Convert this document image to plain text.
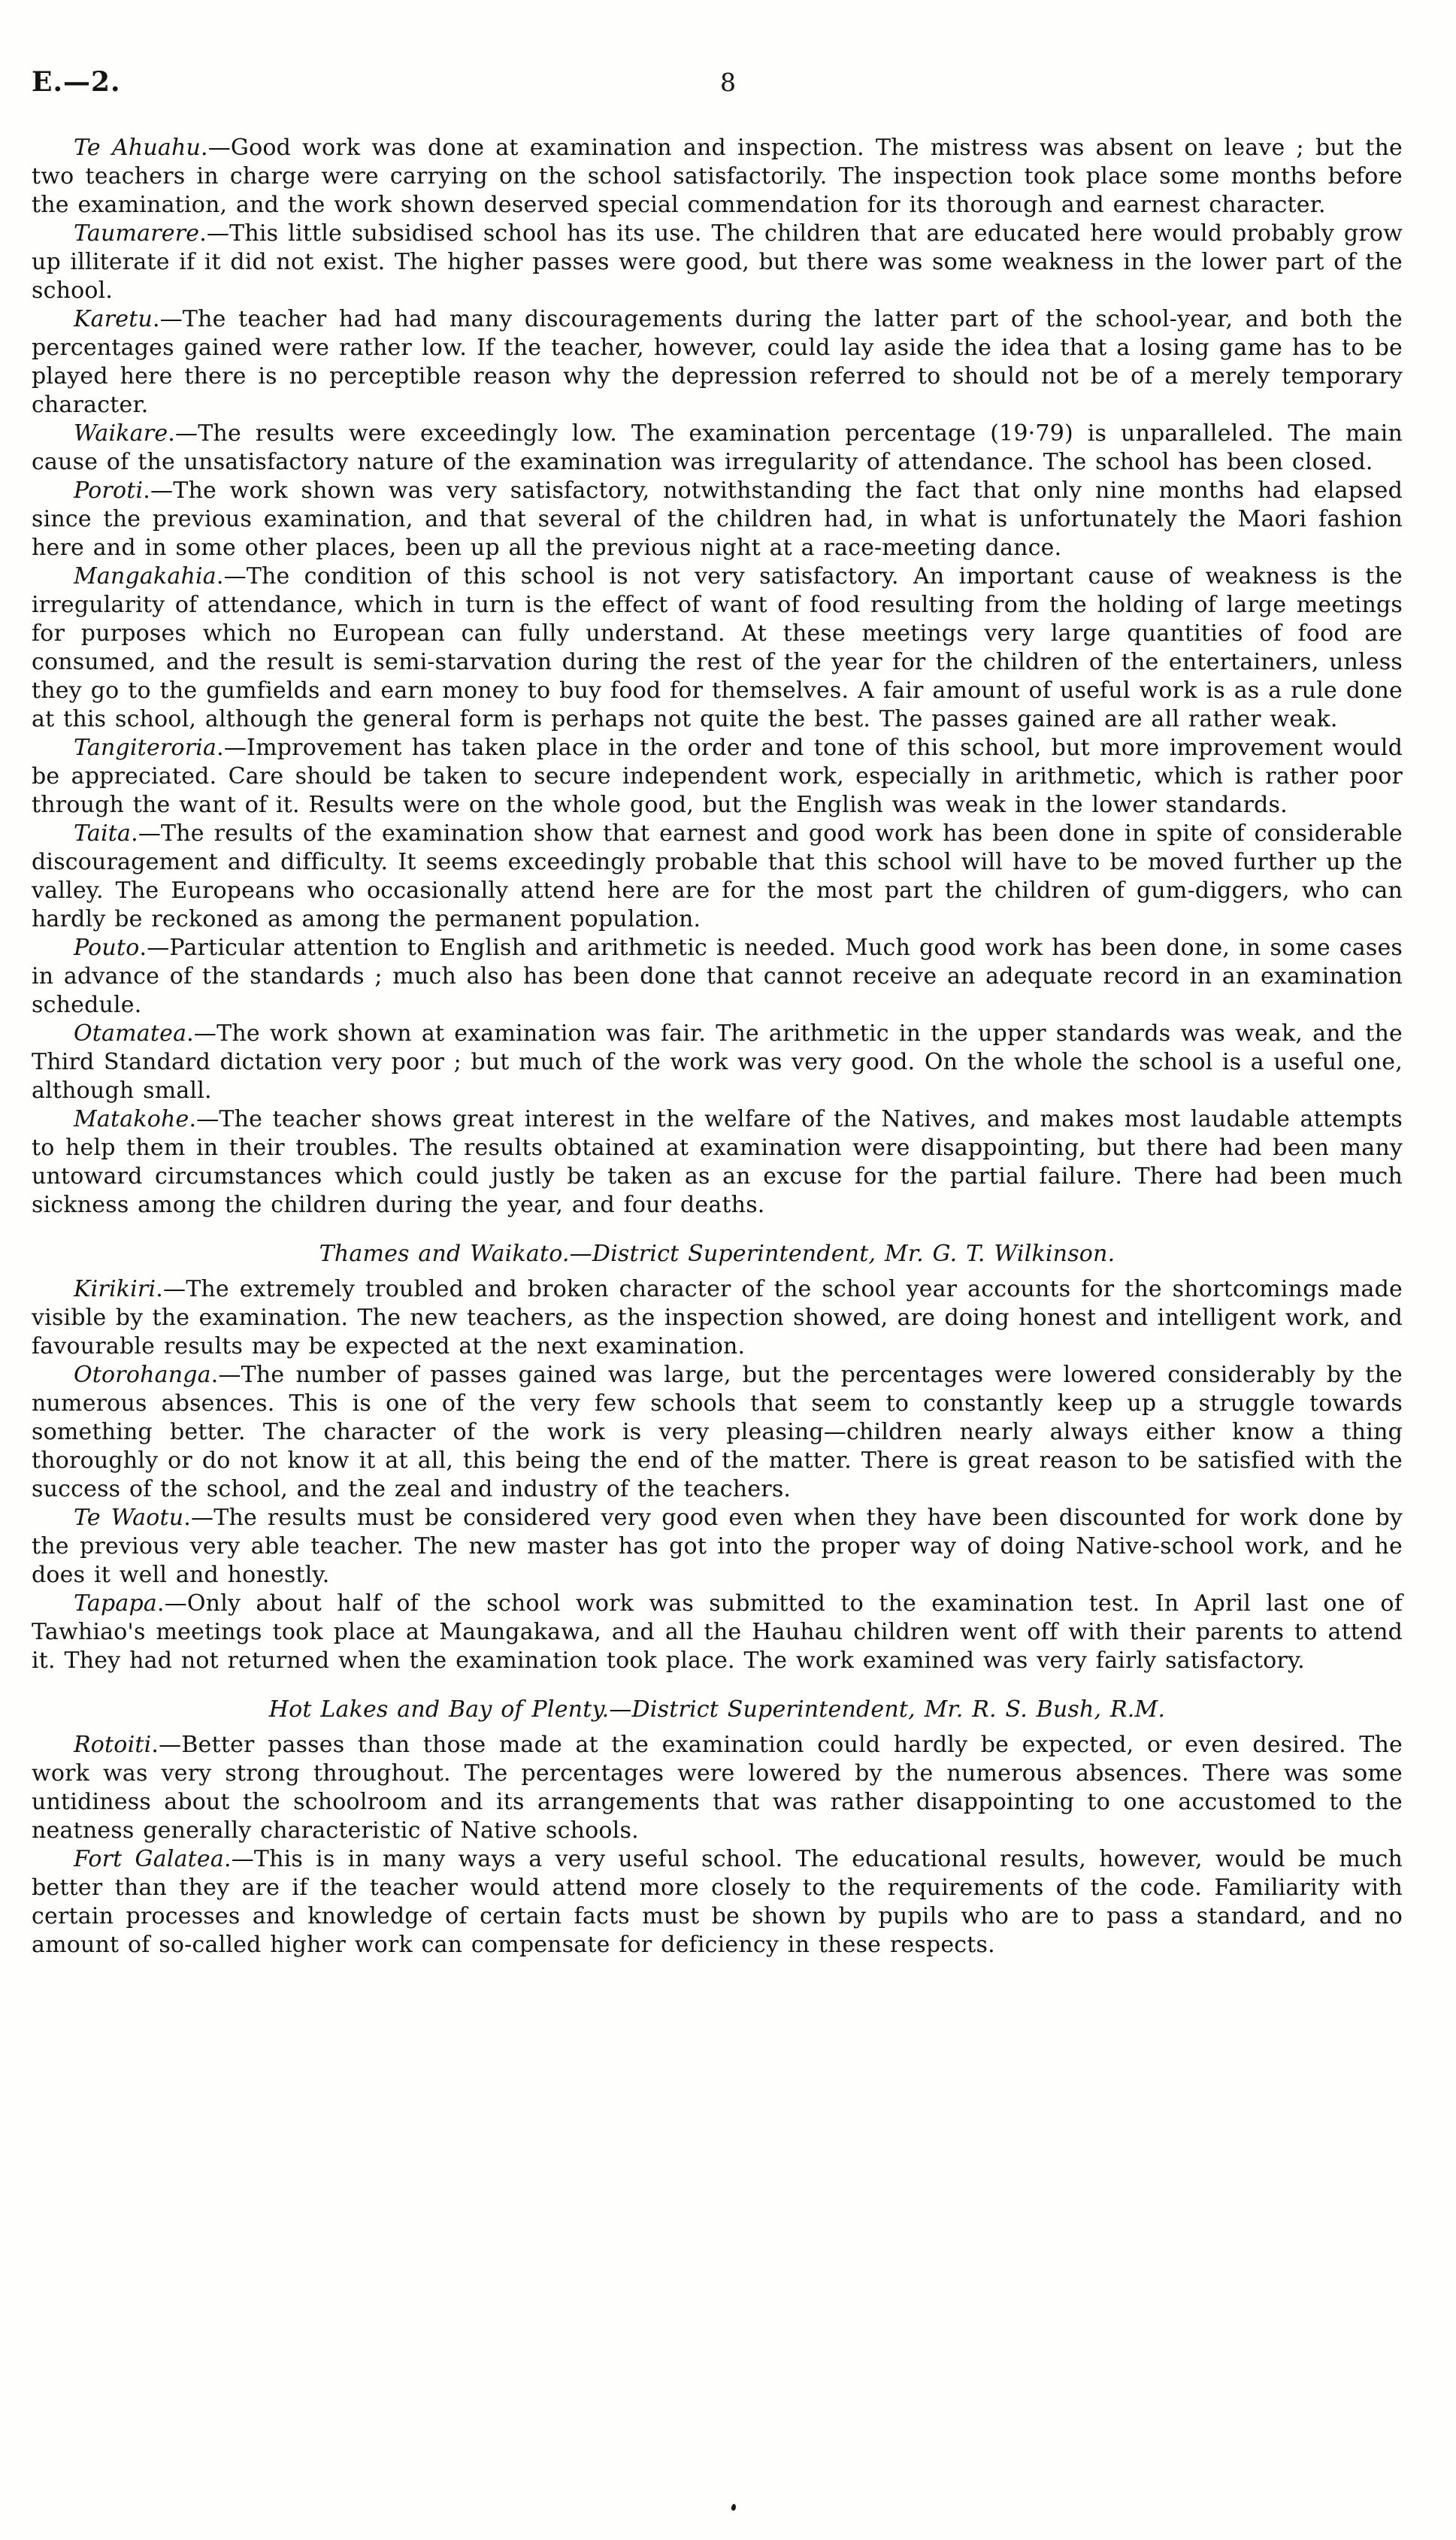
E.—2.	8

Te Ahuahu.—Good work was done at examination and inspection. The mistress was absent on leave ; but the two teachers in charge were carrying on the school satisfactorily. The inspection took place some months before the examination, and the work shown deserved special commendation for its thorough and earnest character.

Taumarere.—This little subsidised school has its use. The children that are educated here would probably grow up illiterate if it did not exist. The higher passes were good, but there was some weakness in the lower part of the school.

Karetu.—The teacher had had many discouragements during the latter part of the school-year, and both the percentages gained were rather low. If the teacher, however, could lay aside the idea that a losing game has to be played here there is no perceptible reason why the depression referred to should not be of a merely temporary character.

Waikare.—The results were exceedingly low. The examination percentage (19·79) is unparalleled. The main cause of the unsatisfactory nature of the examination was irregularity of attendance. The school has been closed.

Poroti.—The work shown was very satisfactory, notwithstanding the fact that only nine months had elapsed since the previous examination, and that several of the children had, in what is unfortunately the Maori fashion here and in some other places, been up all the previous night at a race-meeting dance.

Mangakahia.—The condition of this school is not very satisfactory. An important cause of weakness is the irregularity of attendance, which in turn is the effect of want of food resulting from the holding of large meetings for purposes which no European can fully understand. At these meetings very large quantities of food are consumed, and the result is semi-starvation during the rest of the year for the children of the entertainers, unless they go to the gumfields and earn money to buy food for themselves. A fair amount of useful work is as a rule done at this school, although the general form is perhaps not quite the best. The passes gained are all rather weak.

Tangiteroria.—Improvement has taken place in the order and tone of this school, but more improvement would be appreciated. Care should be taken to secure independent work, especially in arithmetic, which is rather poor through the want of it. Results were on the whole good, but the English was weak in the lower standards.

Taita.—The results of the examination show that earnest and good work has been done in spite of considerable discouragement and difficulty. It seems exceedingly probable that this school will have to be moved further up the valley. The Europeans who occasionally attend here are for the most part the children of gum-diggers, who can hardly be reckoned as among the permanent population.

Pouto.—Particular attention to English and arithmetic is needed. Much good work has been done, in some cases in advance of the standards ; much also has been done that cannot receive an adequate record in an examination schedule.

Otamatea.—The work shown at examination was fair. The arithmetic in the upper standards was weak, and the Third Standard dictation very poor ; but much of the work was very good. On the whole the school is a useful one, although small.

Matakohe.—The teacher shows great interest in the welfare of the Natives, and makes most laudable attempts to help them in their troubles. The results obtained at examination were disappointing, but there had been many untoward circumstances which could justly be taken as an excuse for the partial failure. There had been much sickness among the children during the year, and four deaths.

Thames and Waikato.—District Superintendent, Mr. G. T. Wilkinson.

Kirikiri.—The extremely troubled and broken character of the school year accounts for the shortcomings made visible by the examination. The new teachers, as the inspection showed, are doing honest and intelligent work, and favourable results may be expected at the next examination.

Otorohanga.—The number of passes gained was large, but the percentages were lowered considerably by the numerous absences. This is one of the very few schools that seem to constantly keep up a struggle towards something better. The character of the work is very pleasing—children nearly always either know a thing thoroughly or do not know it at all, this being the end of the matter. There is great reason to be satisfied with the success of the school, and the zeal and industry of the teachers.

Te Waotu.—The results must be considered very good even when they have been discounted for work done by the previous very able teacher. The new master has got into the proper way of doing Native-school work, and he does it well and honestly.

Tapapa.—Only about half of the school work was submitted to the examination test. In April last one of Tawhiao's meetings took place at Maungakawa, and all the Hauhau children went off with their parents to attend it. They had not returned when the examination took place. The work examined was very fairly satisfactory.

Hot Lakes and Bay of Plenty.—District Superintendent, Mr. R. S. Bush, R.M.

Rotoiti.—Better passes than those made at the examination could hardly be expected, or even desired. The work was very strong throughout. The percentages were lowered by the numerous absences. There was some untidiness about the schoolroom and its arrangements that was rather disappointing to one accustomed to the neatness generally characteristic of Native schools.

Fort Galatea.—This is in many ways a very useful school. The educational results, however, would be much better than they are if the teacher would attend more closely to the requirements of the code. Familiarity with certain processes and knowledge of certain facts must be shown by pupils who are to pass a standard, and no amount of so-called higher work can compensate for deficiency in these respects.
